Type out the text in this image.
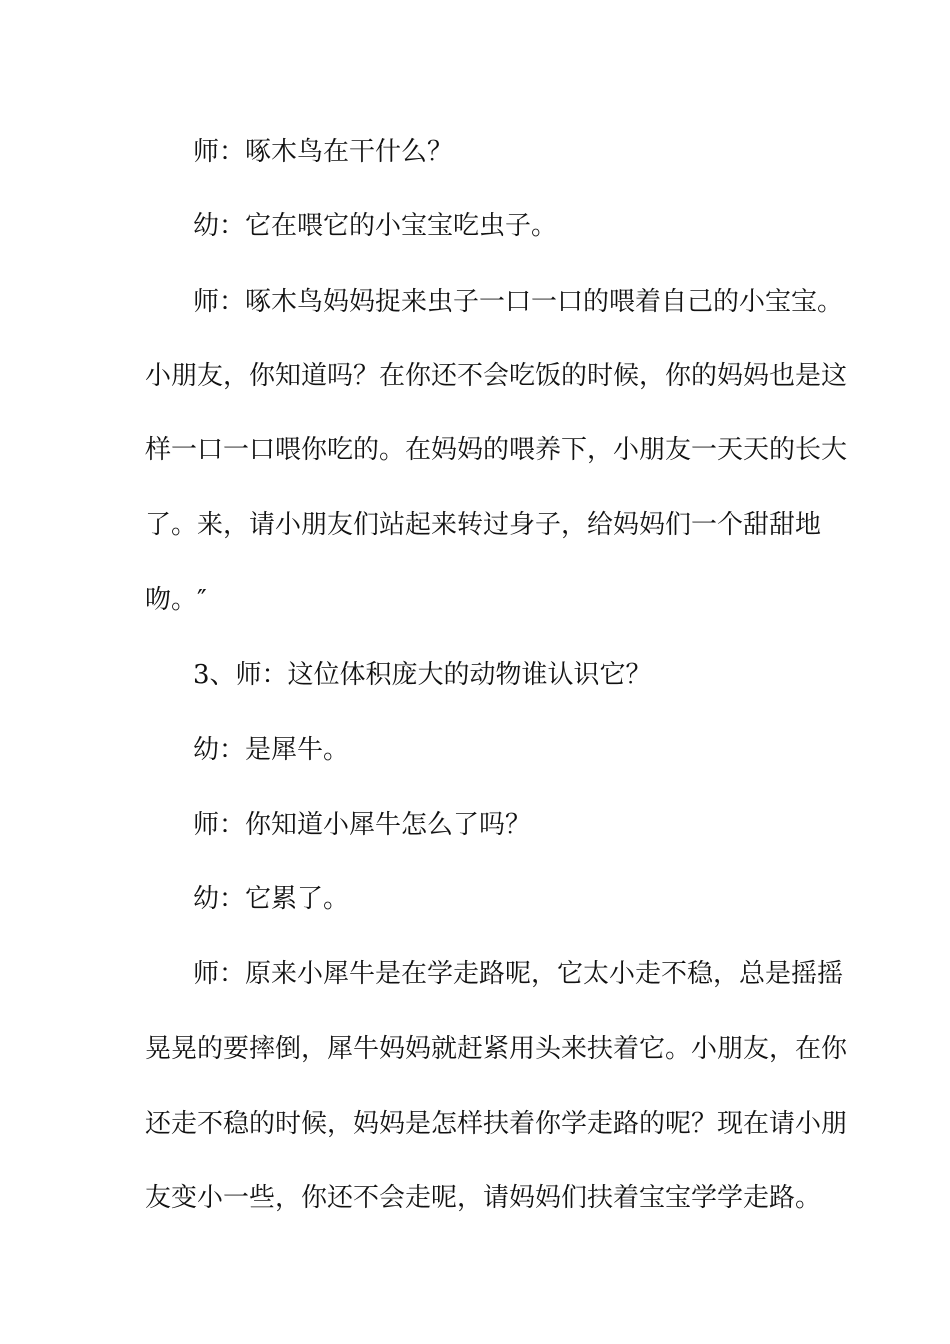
师：啄木鸟在干什么？
幼：它在喂它的小宝宝吃虫子。
师：啄木鸟妈妈捉来虫子一口一口的喂着自己的小宝宝。
小朋友，你知道吗？在你还不会吃饭的时候，你的妈妈也是这
样一口一口喂你吃的。在妈妈的喂养下，小朋友一天天的长大
了。来，请小朋友们站起来转过身子，给妈妈们一个甜甜地
吻。″
3、师：这位体积庞大的动物谁认识它？
幼：是犀牛。
师：你知道小犀牛怎么了吗？
幼：它累了。
师：原来小犀牛是在学走路呢，它太小走不稳，总是摇摇
晃晃的要摔倒，犀牛妈妈就赶紧用头来扶着它。小朋友，在你
还走不稳的时候，妈妈是怎样扶着你学走路的呢？现在请小朋
友变小一些，你还不会走呢，请妈妈们扶着宝宝学学走路。
